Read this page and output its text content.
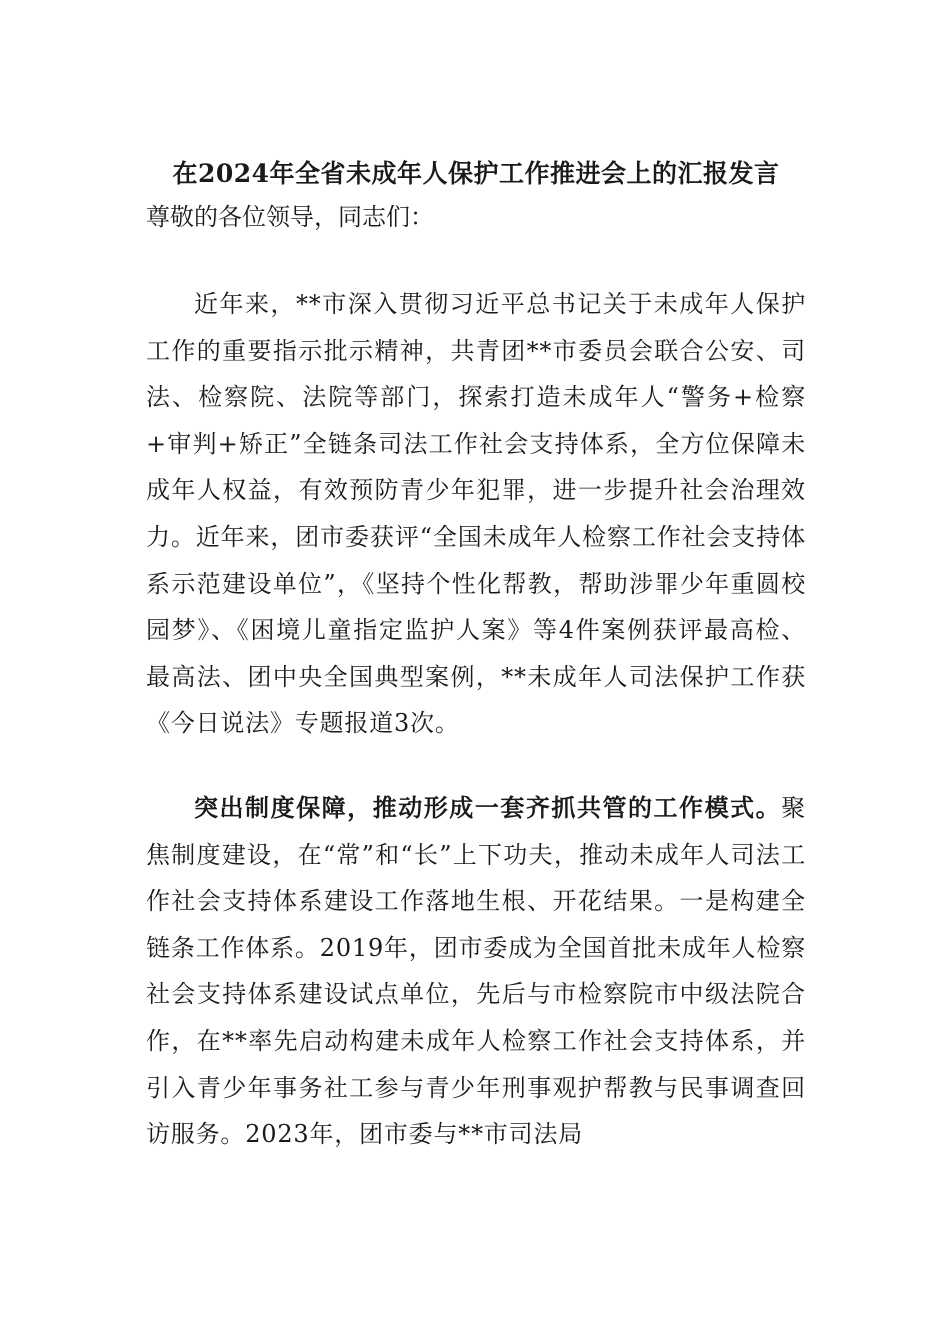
在2024年全省未成年人保护工作推进会上的汇报发言
尊敬的各位领导，同志们：

近年来，**市深入贯彻习近平总书记关于未成年人保护工作的重要指示批示精神，共青团**市委员会联合公安、司法、检察院、法院等部门，探索打造未成年人“警务+检察+审判+矫正”全链条司法工作社会支持体系，全方位保障未成年人权益，有效预防青少年犯罪，进一步提升社会治理效力。近年来，团市委获评“全国未成年人检察工作社会支持体系示范建设单位”，《坚持个性化帮教，帮助涉罪少年重圆校园梦》、《困境儿童指定监护人案》等4件案例获评最高检、最高法、团中央全国典型案例，**未成年人司法保护工作获《今日说法》专题报道3次。

突出制度保障，推动形成一套齐抓共管的工作模式。聚焦制度建设，在“常”和“长”上下功夫，推动未成年人司法工作社会支持体系建设工作落地生根、开花结果。一是构建全链条工作体系。2019年，团市委成为全国首批未成年人检察社会支持体系建设试点单位，先后与市检察院市中级法院合作，在**率先启动构建未成年人检察工作社会支持体系，并引入青少年事务社工参与青少年刑事观护帮教与民事调查回访服务。2023年，团市委与**市司法局
